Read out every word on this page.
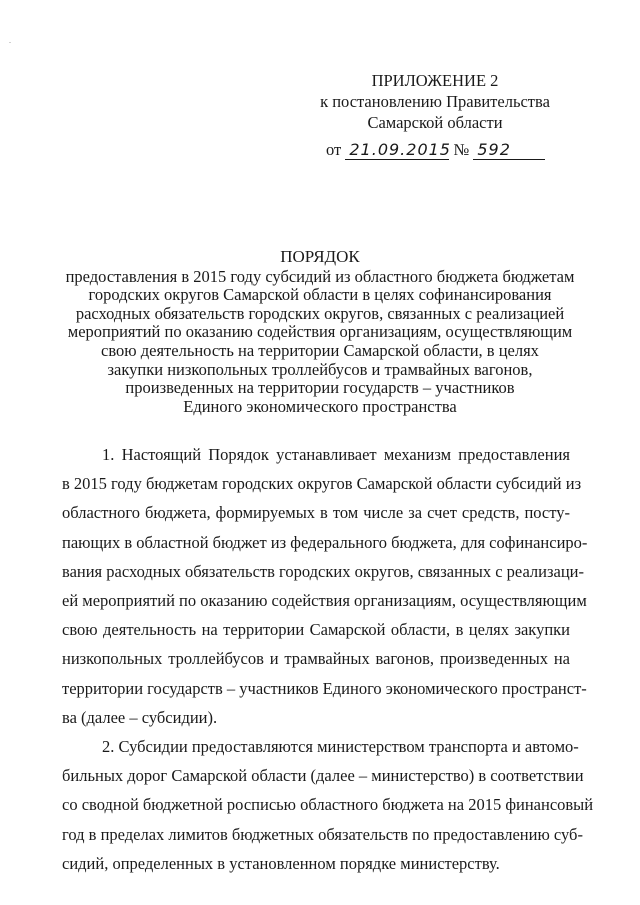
.
ПРИЛОЖЕНИЕ 2
к постановлению Правительства
Самарской области
от 21.09.2015 № 592
ПОРЯДОК
предоставления в 2015 году субсидий из областного бюджета бюджетам
городских округов Самарской области в целях софинансирования
расходных обязательств городских округов, связанных с реализацией
мероприятий по оказанию содействия организациям, осуществляющим
свою деятельность на территории Самарской области, в целях
закупки низкопольных троллейбусов и трамвайных вагонов,
произведенных на территории государств – участников
Единого экономического пространства
1. Настоящий Порядок устанавливает механизм предоставления
в 2015 году бюджетам городских округов Самарской области субсидий из
областного бюджета, формируемых в том числе за счет средств, посту-
пающих в областной бюджет из федерального бюджета, для софинансиро-
вания расходных обязательств городских округов, связанных с реализаци-
ей мероприятий по оказанию содействия организациям, осуществляющим
свою деятельность на территории Самарской области, в целях закупки
низкопольных троллейбусов и трамвайных вагонов, произведенных на
территории государств – участников Единого экономического пространст-
ва (далее – субсидии).
2. Субсидии предоставляются министерством транспорта и автомо-
бильных дорог Самарской области (далее – министерство) в соответствии
со сводной бюджетной росписью областного бюджета на 2015 финансовый
год в пределах лимитов бюджетных обязательств по предоставлению суб-
сидий, определенных в установленном порядке министерству.
